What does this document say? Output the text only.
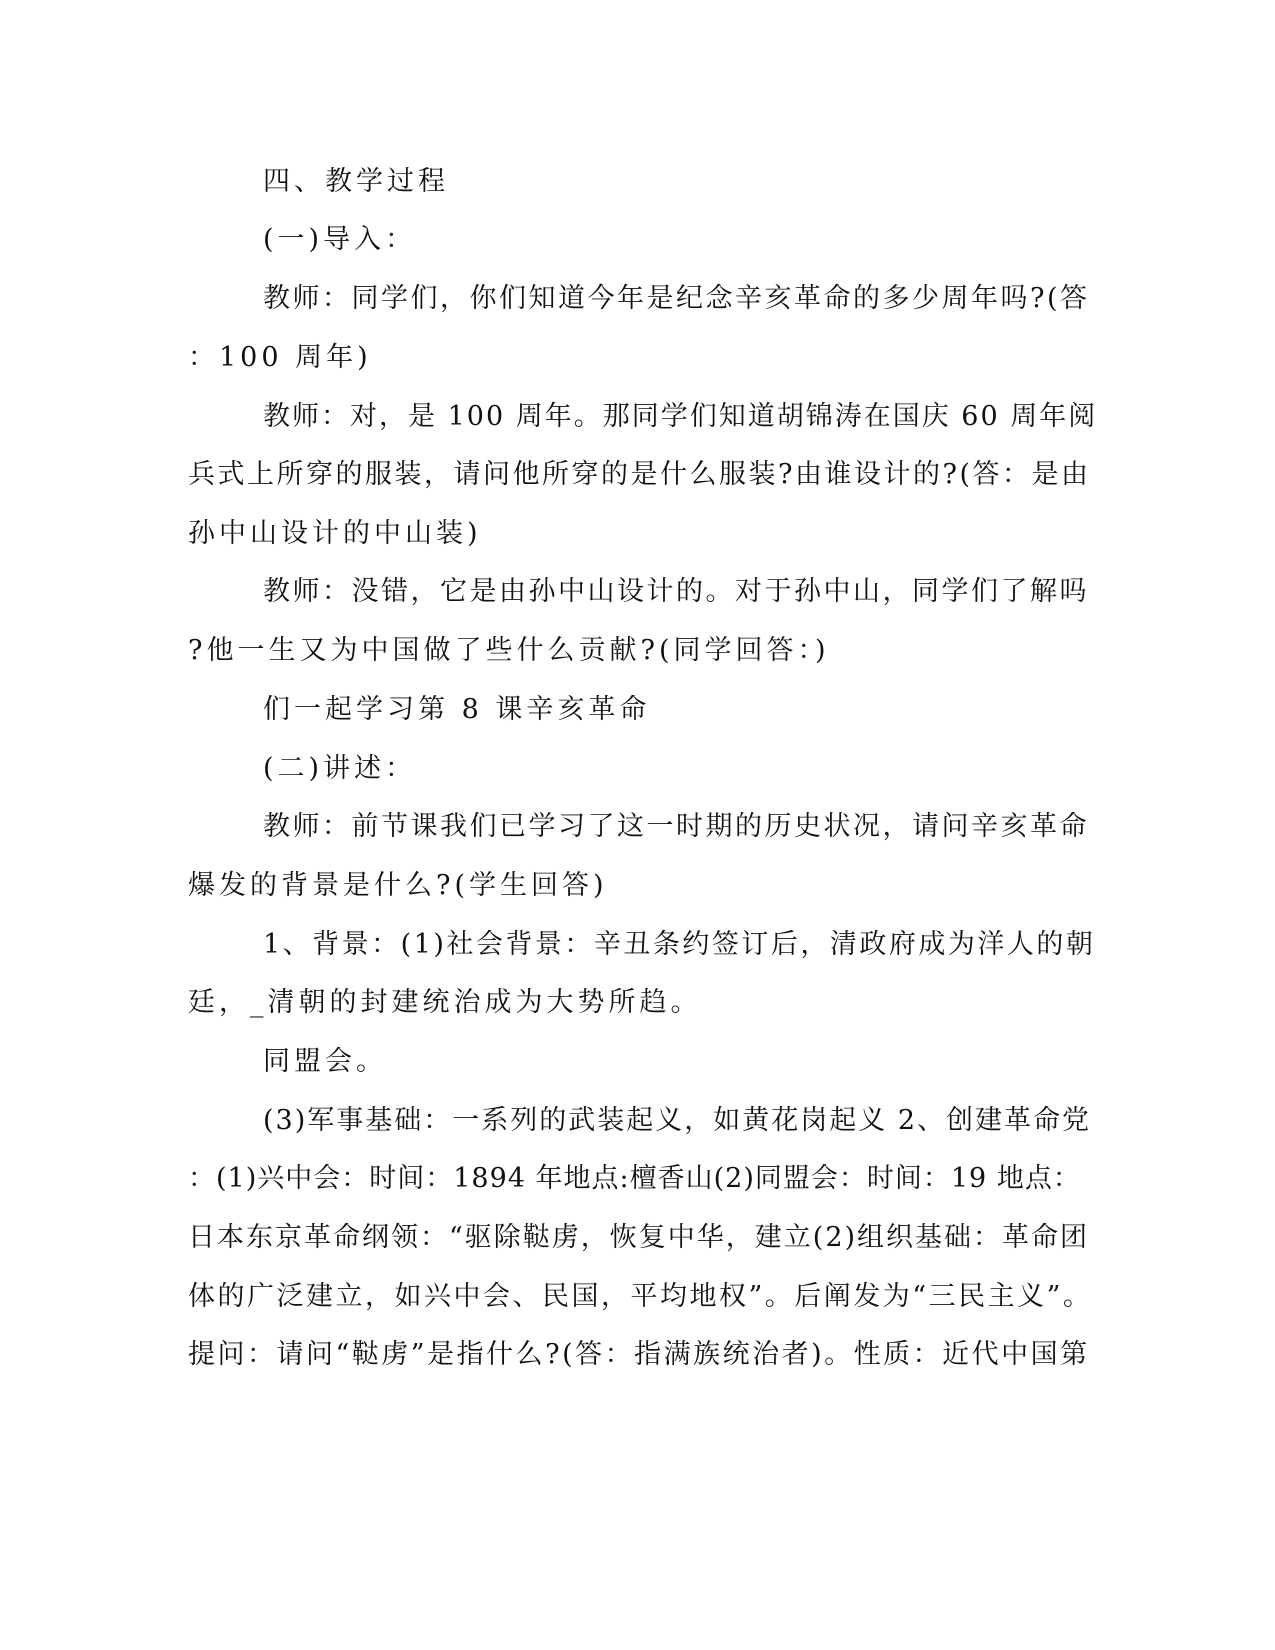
四、教学过程
(一)导入：
教师：同学们，你们知道今年是纪念辛亥革命的多少周年吗?(答
：100 周年)
教师：对，是 100 周年。那同学们知道胡锦涛在国庆 60 周年阅
兵式上所穿的服装，请问他所穿的是什么服装?由谁设计的?(答：是由
孙中山设计的中山装)
教师：没错，它是由孙中山设计的。对于孙中山，同学们了解吗
?他一生又为中国做了些什么贡献?(同学回答：)
们一起学习第 8 课辛亥革命
(二)讲述：
教师：前节课我们已学习了这一时期的历史状况，请问辛亥革命
爆发的背景是什么?(学生回答)
1、背景：(1)社会背景：辛丑条约签订后，清政府成为洋人的朝
廷，_清朝的封建统治成为大势所趋。
同盟会。
(3)军事基础：一系列的武装起义，如黄花岗起义 2、创建革命党
：(1)兴中会：时间：1894 年地点:檀香山(2)同盟会：时间：19 地点：
日本东京革命纲领：“驱除鞑虏，恢复中华，建立(2)组织基础：革命团
体的广泛建立，如兴中会、民国，平均地权”。后阐发为“三民主义”。
提问：请问“鞑虏”是指什么?(答：指满族统治者)。性质：近代中国第
